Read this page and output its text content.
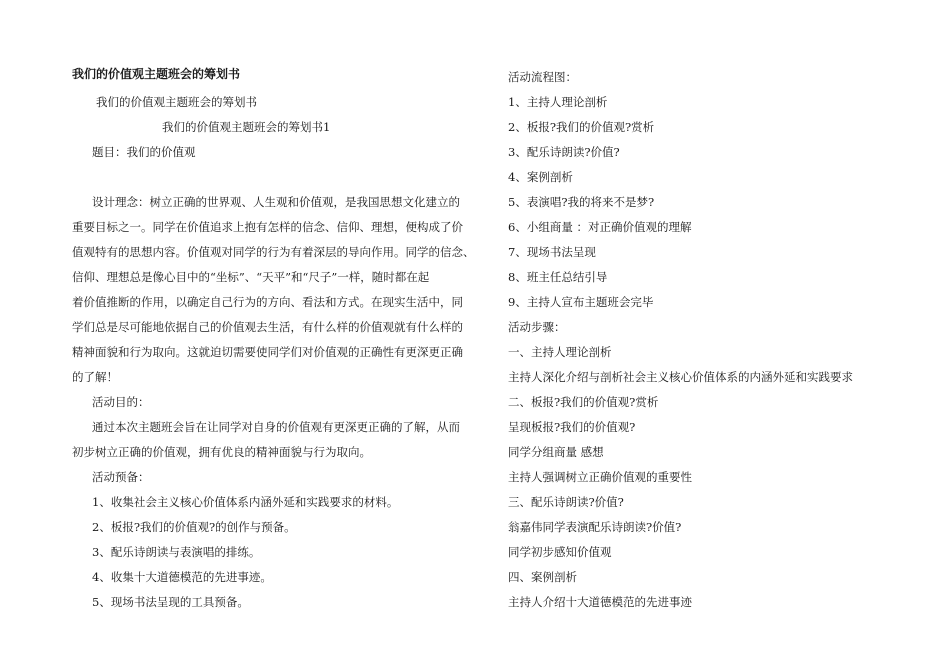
我们的价值观主题班会的筹划书
我们的价值观主题班会的筹划书
我们的价值观主题班会的筹划书1
题目：我们的价值观
设计理念：树立正确的世界观、人生观和价值观，是我国思想文化建立的
重要目标之一。同学在价值追求上抱有怎样的信念、信仰、理想，便构成了价
值观特有的思想内容。价值观对同学的行为有着深层的导向作用。同学的信念、
信仰、理想总是像心目中的“坐标”、“天平”和“尺子”一样，随时都在起
着价值推断的作用，以确定自己行为的方向、看法和方式。在现实生活中，同
学们总是尽可能地依据自己的价值观去生活，有什么样的价值观就有什么样的
精神面貌和行为取向。这就迫切需要使同学们对价值观的正确性有更深更正确
的了解！
活动目的：
通过本次主题班会旨在让同学对自身的价值观有更深更正确的了解，从而
初步树立正确的价值观，拥有优良的精神面貌与行为取向。
活动预备：
1、收集社会主义核心价值体系内涵外延和实践要求的材料。
2、板报?我们的价值观?的创作与预备。
3、配乐诗朗读与表演唱的排练。
4、收集十大道德模范的先进事迹。
5、现场书法呈现的工具预备。
活动流程图：
1、主持人理论剖析
2、板报?我们的价值观?赏析
3、配乐诗朗读?价值?
4、案例剖析
5、表演唱?我的将来不是梦?
6、小组商量 ：对正确价值观的理解
7、现场书法呈现
8、班主任总结引导
9、主持人宣布主题班会完毕
活动步骤：
一、主持人理论剖析
主持人深化介绍与剖析社会主义核心价值体系的内涵外延和实践要求
二、板报?我们的价值观?赏析
呈现板报?我们的价值观?
同学分组商量 感想
主持人强调树立正确价值观的重要性
三、配乐诗朗读?价值?
翁嘉伟同学表演配乐诗朗读?价值?
同学初步感知价值观
四、案例剖析
主持人介绍十大道德模范的先进事迹
